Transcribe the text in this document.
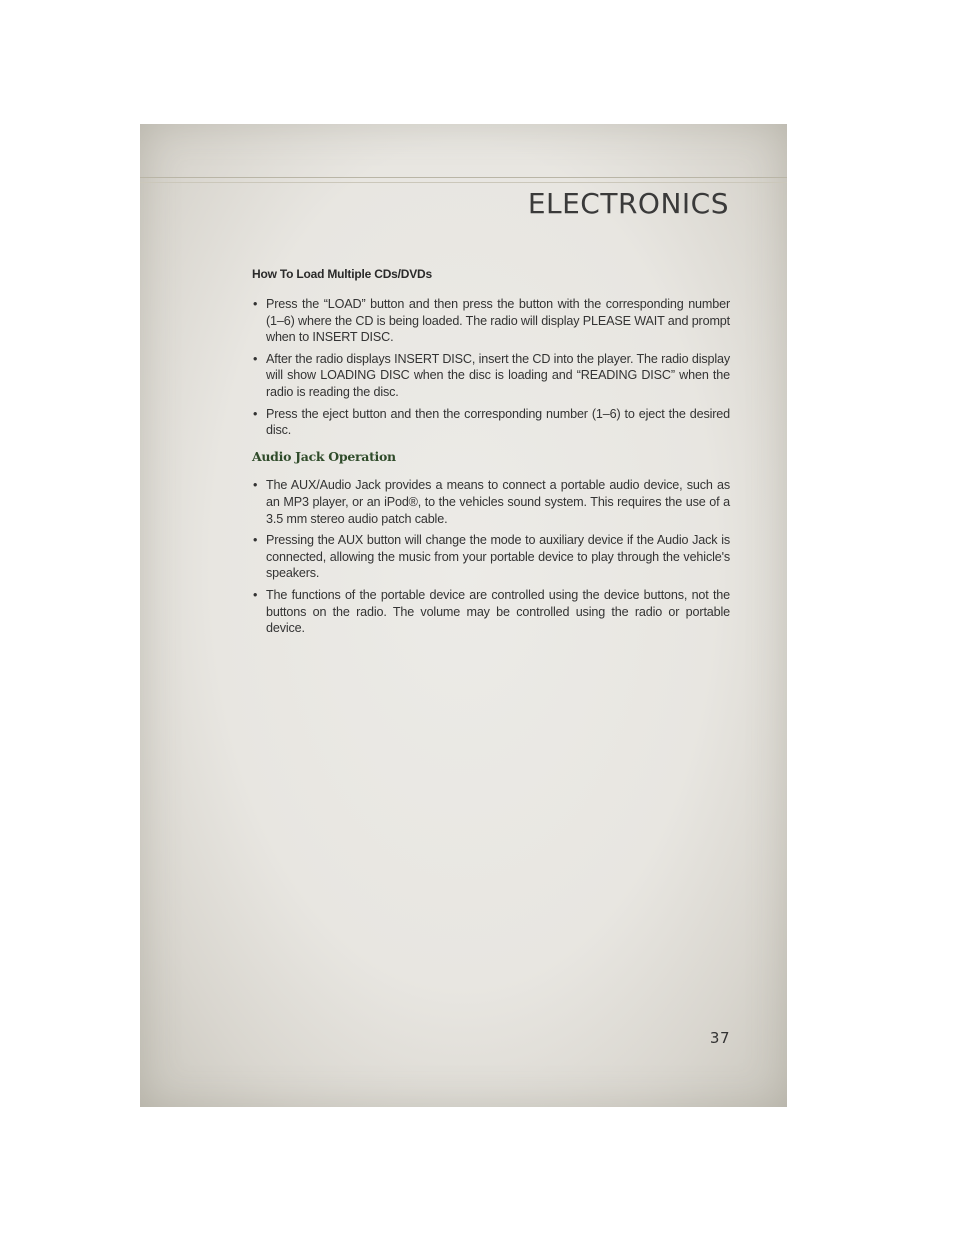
ELECTRONICS
How To Load Multiple CDs/DVDs
• Press the “LOAD” button and then press the button with the corresponding number (1–6) where the CD is being loaded. The radio will display PLEASE WAIT and prompt when to INSERT DISC.
• After the radio displays INSERT DISC, insert the CD into the player. The radio display will show LOADING DISC when the disc is loading and “READING DISC” when the radio is reading the disc.
• Press the eject button and then the corresponding number (1–6) to eject the desired disc.
Audio Jack Operation
• The AUX/Audio Jack provides a means to connect a portable audio device, such as an MP3 player, or an iPod®, to the vehicles sound system. This requires the use of a 3.5 mm stereo audio patch cable.
• Pressing the AUX button will change the mode to auxiliary device if the Audio Jack is connected, allowing the music from your portable device to play through the vehicle's speakers.
• The functions of the portable device are controlled using the device buttons, not the buttons on the radio. The volume may be controlled using the radio or portable device.
37
